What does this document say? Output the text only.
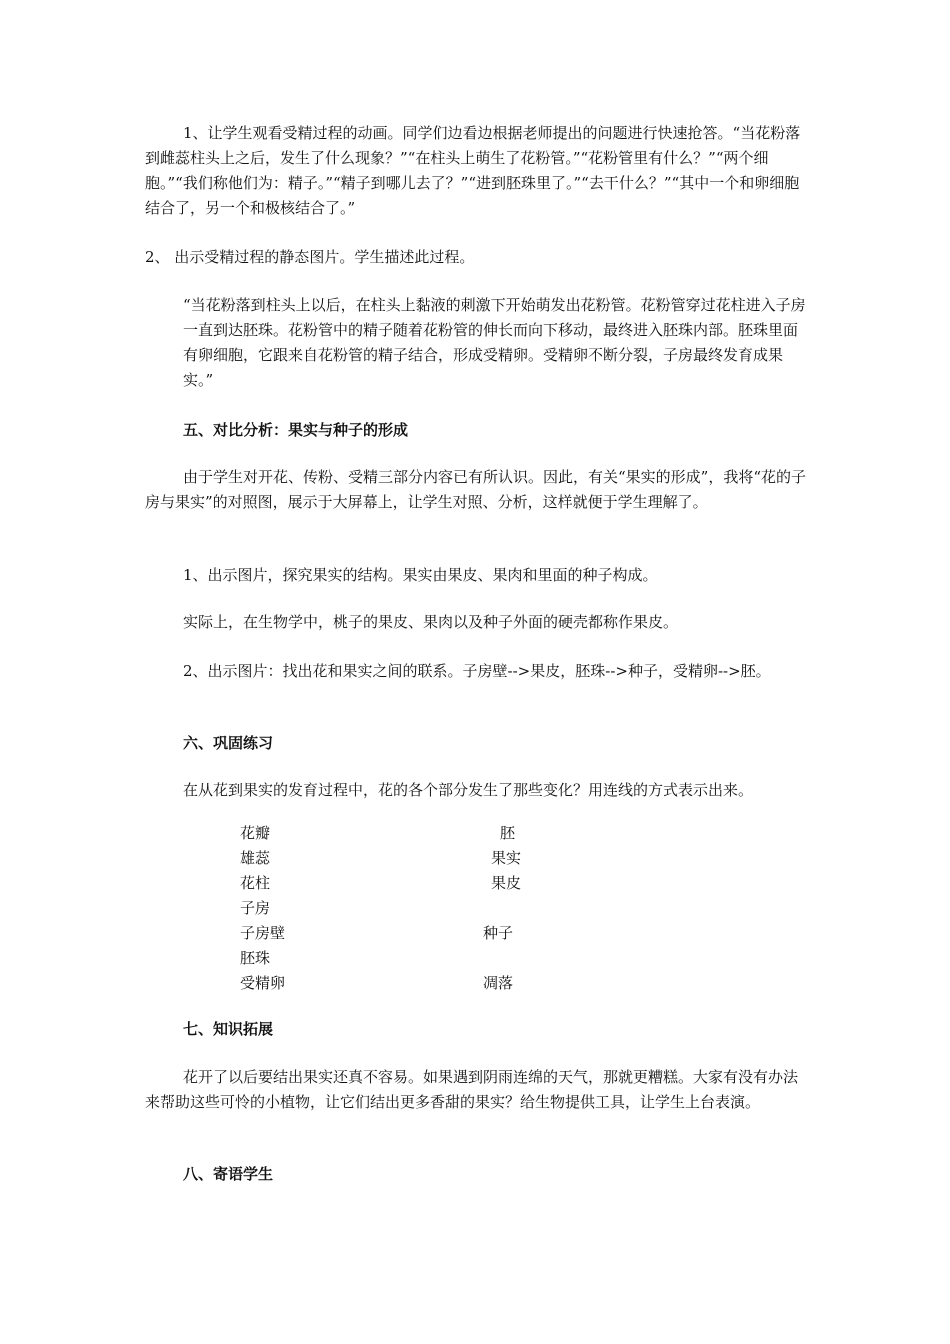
1、让学生观看受精过程的动画。同学们边看边根据老师提出的问题进行快速抢答。“当花粉落到雌蕊柱头上之后，发生了什么现象？”“在柱头上萌生了花粉管。”“花粉管里有什么？”“两个细胞。”“我们称他们为：精子。”“精子到哪儿去了？”“进到胚珠里了。”“去干什么？”“其中一个和卵细胞结合了，另一个和极核结合了。”

2、 出示受精过程的静态图片。学生描述此过程。

“当花粉落到柱头上以后，在柱头上黏液的刺激下开始萌发出花粉管。花粉管穿过花柱进入子房一直到达胚珠。花粉管中的精子随着花粉管的伸长而向下移动，最终进入胚珠内部。胚珠里面有卵细胞，它跟来自花粉管的精子结合，形成受精卵。受精卵不断分裂，子房最终发育成果实。”

五、对比分析：果实与种子的形成

由于学生对开花、传粉、受精三部分内容已有所认识。因此，有关“果实的形成”，我将“花的子房与果实”的对照图，展示于大屏幕上，让学生对照、分析，这样就便于学生理解了。

1、出示图片，探究果实的结构。果实由果皮、果肉和里面的种子构成。

实际上，在生物学中，桃子的果皮、果肉以及种子外面的硬壳都称作果皮。

2、出示图片：找出花和果实之间的联系。子房壁-->果皮，胚珠-->种子，受精卵-->胚。

六、巩固练习

在从花到果实的发育过程中，花的各个部分发生了那些变化？用连线的方式表示出来。

花瓣	胚
雄蕊	果实
花柱	果皮
子房
子房壁	种子
胚珠
受精卵	凋落

七、知识拓展

花开了以后要结出果实还真不容易。如果遇到阴雨连绵的天气，那就更糟糕。大家有没有办法来帮助这些可怜的小植物，让它们结出更多香甜的果实？给生物提供工具，让学生上台表演。

八、寄语学生
